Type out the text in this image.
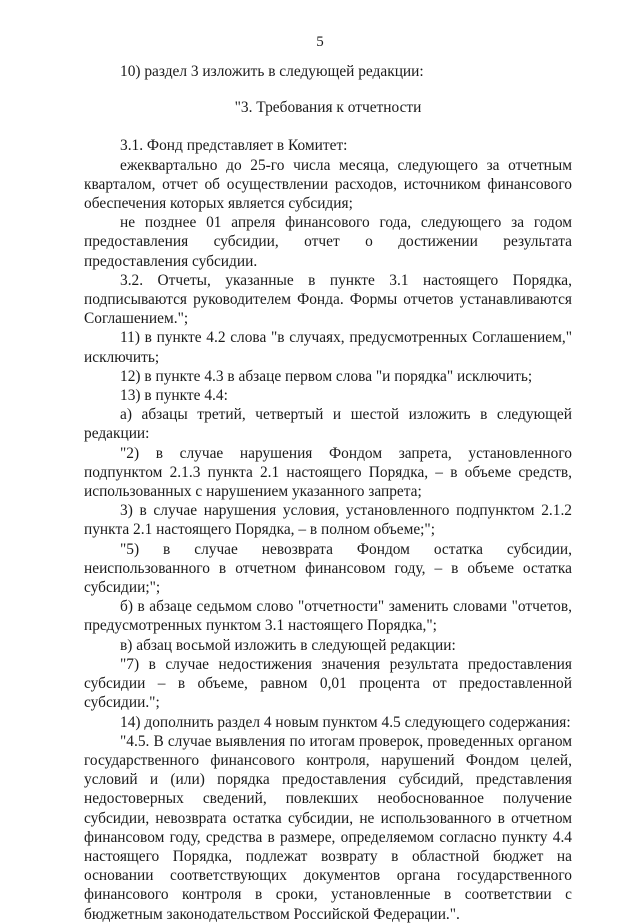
5

10) раздел 3 изложить в следующей редакции:

"3. Требования к отчетности

3.1. Фонд представляет в Комитет:

ежеквартально до 25-го числа месяца, следующего за отчетным кварталом, отчет об осуществлении расходов, источником финансового обеспечения которых является субсидия;

не позднее 01 апреля финансового года, следующего за годом предоставления субсидии, отчет о достижении результата предоставления субсидии.

3.2. Отчеты, указанные в пункте 3.1 настоящего Порядка, подписываются руководителем Фонда. Формы отчетов устанавливаются Соглашением.";

11) в пункте 4.2 слова "в случаях, предусмотренных Соглашением," исключить;

12) в пункте 4.3 в абзаце первом слова "и порядка" исключить;

13) в пункте 4.4:

а) абзацы третий, четвертый и шестой изложить в следующей редакции:

"2) в случае нарушения Фондом запрета, установленного подпунктом 2.1.3 пункта 2.1 настоящего Порядка, – в объеме средств, использованных с нарушением указанного запрета;

3) в случае нарушения условия, установленного подпунктом 2.1.2 пункта 2.1 настоящего Порядка, – в полном объеме;";

"5) в случае невозврата Фондом остатка субсидии, неиспользованного в отчетном финансовом году, – в объеме остатка субсидии;";

б) в абзаце седьмом слово "отчетности" заменить словами "отчетов, предусмотренных пунктом 3.1 настоящего Порядка,";

в) абзац восьмой изложить в следующей редакции:

"7) в случае недостижения значения результата предоставления субсидии – в объеме, равном 0,01 процента от предоставленной субсидии.";

14) дополнить раздел 4 новым пунктом 4.5 следующего содержания:

"4.5. В случае выявления по итогам проверок, проведенных органом государственного финансового контроля, нарушений Фондом целей, условий и (или) порядка предоставления субсидий, представления недостоверных сведений, повлекших необоснованное получение субсидии, невозврата остатка субсидии, не использованного в отчетном финансовом году, средства в размере, определяемом согласно пункту 4.4 настоящего Порядка, подлежат возврату в областной бюджет на основании соответствующих документов органа государственного финансового контроля в сроки, установленные в соответствии с бюджетным законодательством Российской Федерации.".
